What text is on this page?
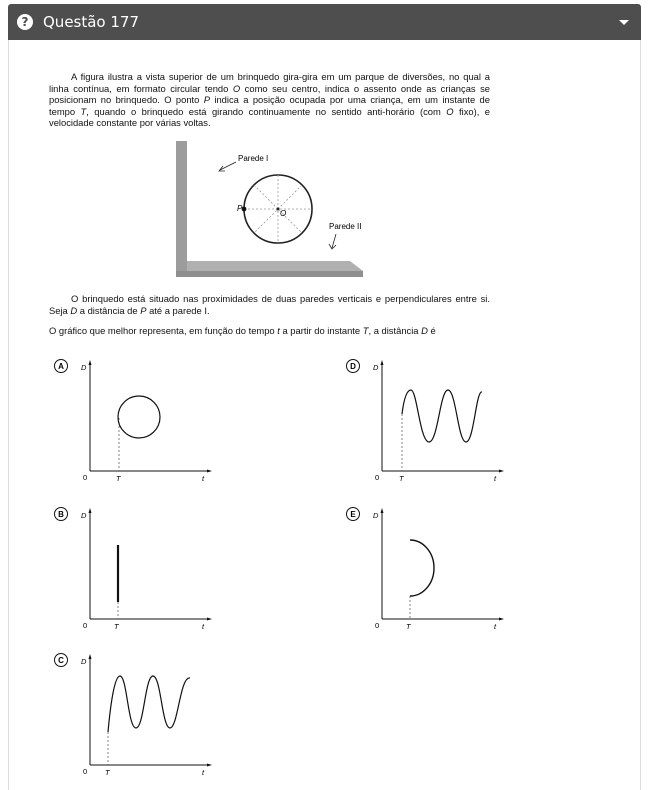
? Questão 177
A figura ilustra a vista superior de um brinquedo gira-gira em um parque de diversões, no qual a linha contínua, em formato circular tendo O como seu centro, indica o assento onde as crianças se posicionam no brinquedo. O ponto P indica a posição ocupada por uma criança, em um instante de tempo T, quando o brinquedo está girando continuamente no sentido anti-horário (com O fixo), e velocidade constante por várias voltas.
P
O
Parede I
Parede II
O brinquedo está situado nas proximidades de duas paredes verticais e perpendiculares entre si. Seja D a distância de P até a parede I.
O gráfico que melhor representa, em função do tempo t a partir do instante T, a distância D é
A D
0	T	t
D D
0	T	t
B D
0	T	t
E D
0	T	t
C D
0 T	t
